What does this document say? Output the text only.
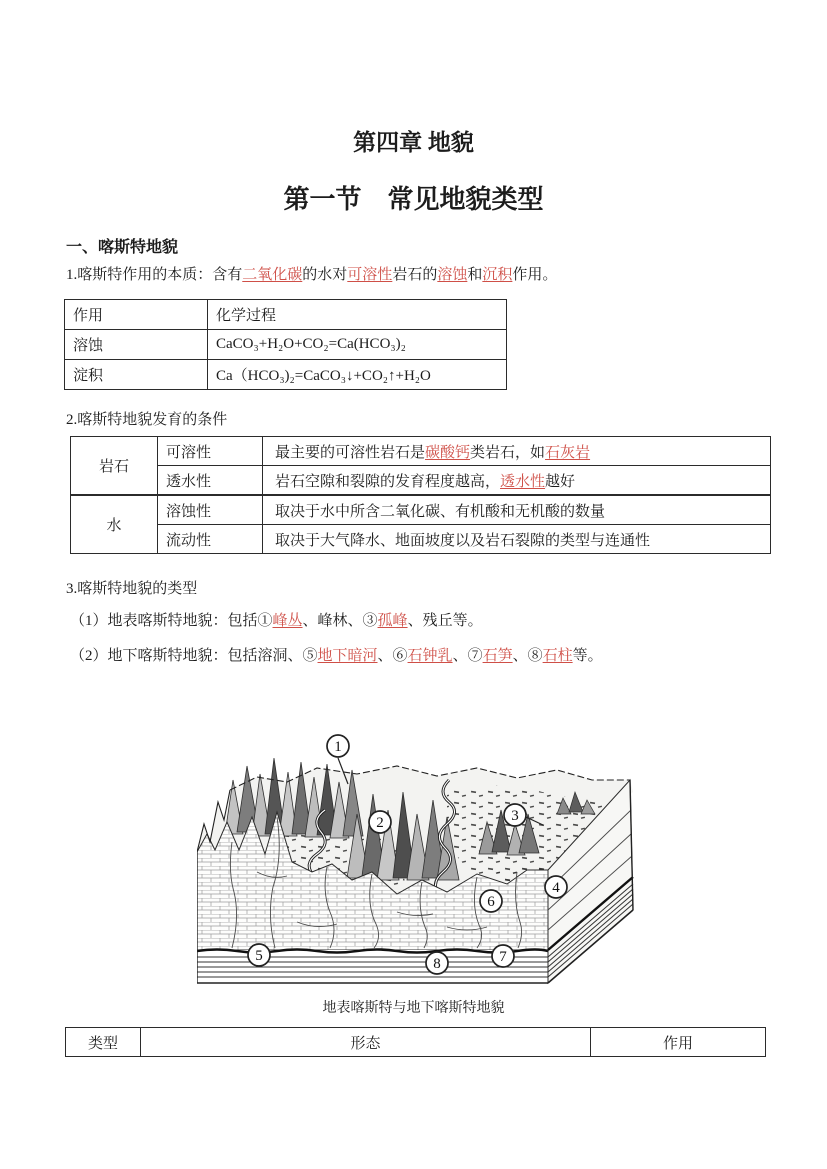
第四章 地貌
第一节　常见地貌类型
一、喀斯特地貌
1.喀斯特作用的本质：含有二氧化碳的水对可溶性岩石的溶蚀和沉积作用。
作用	化学过程
溶蚀	CaCO₃+H₂O+CO₂=Ca(HCO₃)₂
淀积	Ca（HCO₃)₂=CaCO₃↓+CO₂↑+H₂O
2.喀斯特地貌发育的条件
岩石	可溶性	最主要的可溶性岩石是碳酸钙类岩石，如石灰岩
	透水性	岩石空隙和裂隙的发育程度越高，透水性越好
水	溶蚀性	取决于水中所含二氧化碳、有机酸和无机酸的数量
	流动性	取决于大气降水、地面坡度以及岩石裂隙的类型与连通性
3.喀斯特地貌的类型
（1）地表喀斯特地貌：包括①峰丛、峰林、③孤峰、残丘等。
（2）地下喀斯特地貌：包括溶洞、⑤地下暗河、⑥石钟乳、⑦石笋、⑧石柱等。
1
2	3
4
5
6
7
8
地表喀斯特与地下喀斯特地貌
类型	形态	作用
